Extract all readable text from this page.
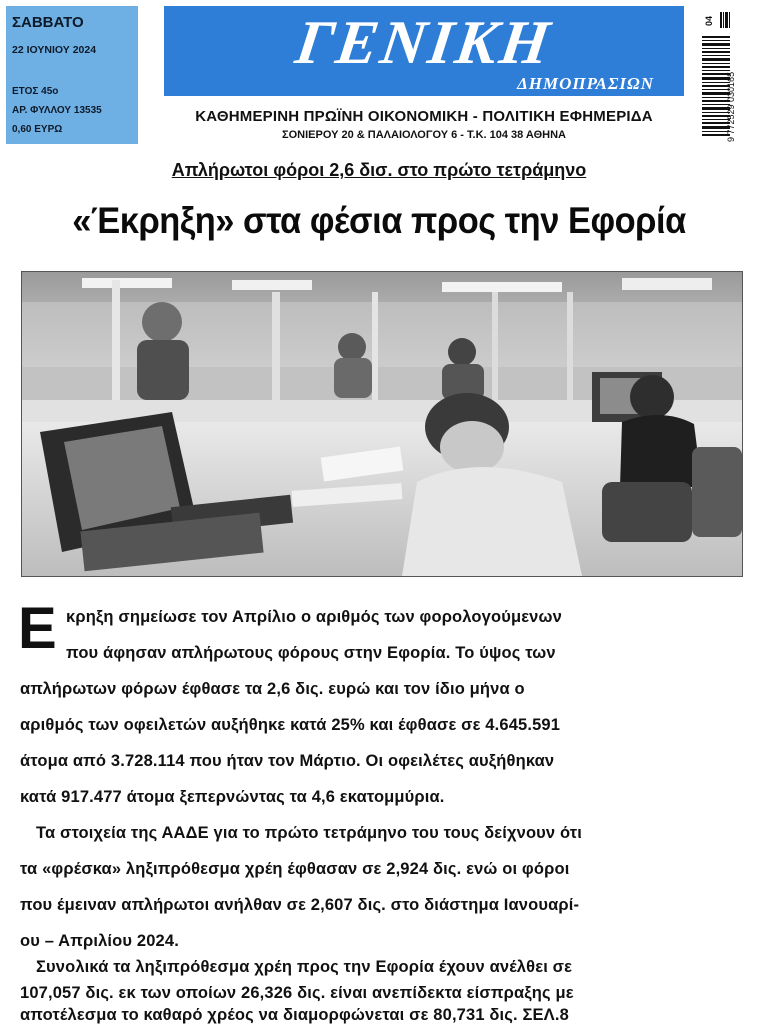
ΣΑΒΒΑΤΟ
22 ΙΟΥΝΙΟΥ 2024
ΕΤΟΣ 45ο
ΑΡ. ΦΥΛΛΟΥ 13535
0,60 ΕΥΡΩ
ΓΕΝΙΚΗ
ΔΗΜΟΠΡΑΣΙΩΝ
ΚΑΘΗΜΕΡΙΝΗ ΠΡΩΪΝΗ ΟΙΚΟΝΟΜΙΚΗ - ΠΟΛΙΤΙΚΗ ΕΦΗΜΕΡΙΔΑ
ΣΟΝΙΕΡΟΥ 20 & ΠΑΛΑΙΟΛΟΓΟΥ 6 - Τ.Κ. 104 38 ΑΘΗΝΑ	9 772529 030165
04
Απλήρωτοι φόροι 2,6 δισ. στο πρώτο τετράμηνο
«Έκρηξη» στα φέσια προς την Εφορία
Ε κρηξη σημείωσε τον Απρίλιο ο αριθμός των φορολογούμενων
που άφησαν απλήρωτους φόρους στην Εφορία. Το ύψος των
απλήρωτων φόρων έφθασε τα 2,6 δις. ευρώ και τον ίδιο μήνα ο
αριθμός των οφειλετών αυξήθηκε κατά 25% και έφθασε σε 4.645.591
άτομα από 3.728.114 που ήταν τον Μάρτιο. Οι οφειλέτες αυξήθηκαν
κατά 917.477 άτομα ξεπερνώντας τα 4,6 εκατομμύρια.
Τα στοιχεία της ΑΑΔΕ για το πρώτο τετράμηνο του τους δείχνουν ότι
τα «φρέσκα» ληξιπρόθεσμα χρέη έφθασαν σε 2,924 δις. ενώ οι φόροι
που έμειναν απλήρωτοι ανήλθαν σε 2,607 δις. στο διάστημα Ιανουαρί-
ου – Απριλίου 2024.
Συνολικά τα ληξιπρόθεσμα χρέη προς την Εφορία έχουν ανέλθει σε
107,057 δις. εκ των οποίων 26,326 δις. είναι ανεπίδεκτα είσπραξης με
αποτέλεσμα το καθαρό χρέος να διαμορφώνεται σε 80,731 δις. ΣΕΛ.8
